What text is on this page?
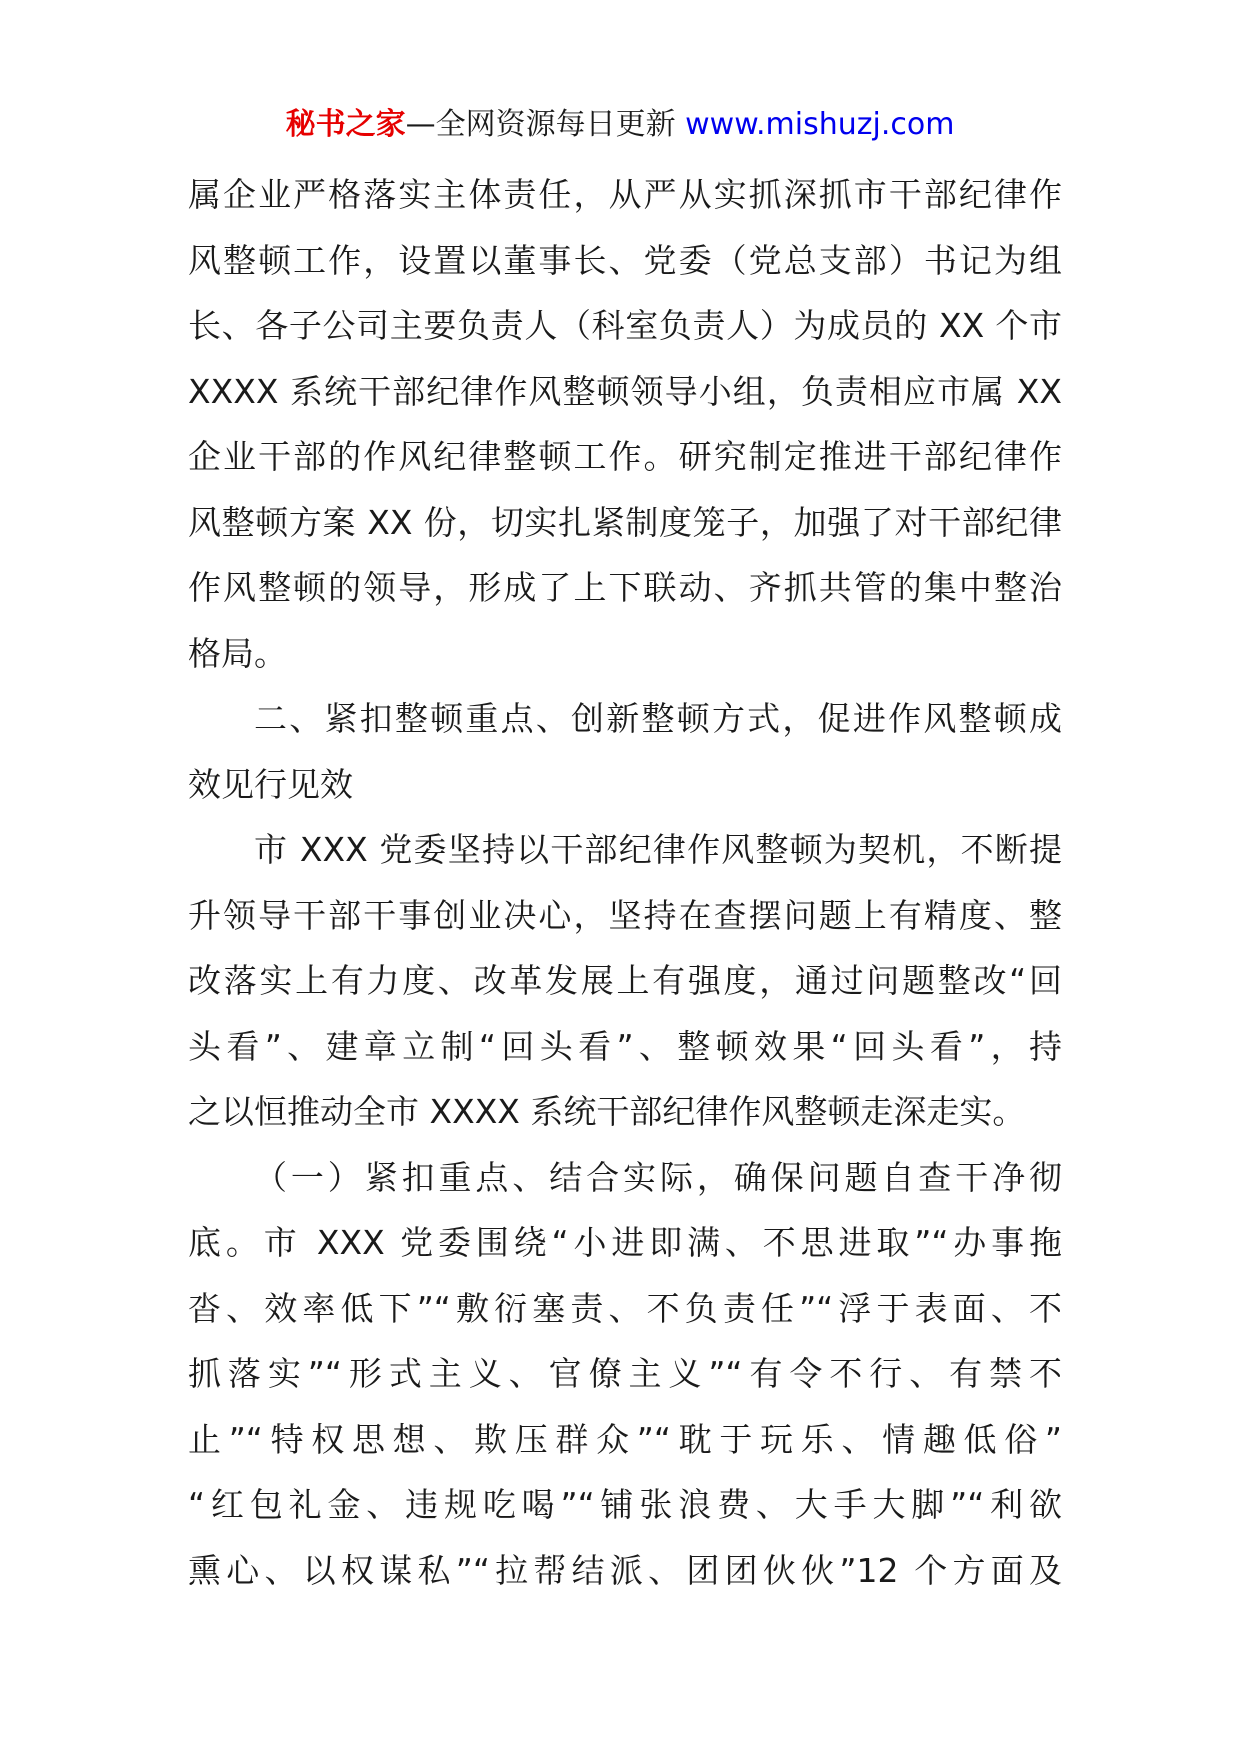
秘书之家—全网资源每日更新 www.mishuzj.com
属企业严格落实主体责任，从严从实抓深抓市干部纪律作
风整顿工作，设置以董事长、党委（党总支部）书记为组
长、各子公司主要负责人（科室负责人）为成员的 XX 个市
XXXX 系统干部纪律作风整顿领导小组，负责相应市属 XX
企业干部的作风纪律整顿工作。研究制定推进干部纪律作
风整顿方案 XX 份，切实扎紧制度笼子，加强了对干部纪律
作风整顿的领导，形成了上下联动、齐抓共管的集中整治
格局。
二、紧扣整顿重点、创新整顿方式，促进作风整顿成
效见行见效
市 XXX 党委坚持以干部纪律作风整顿为契机，不断提
升领导干部干事创业决心，坚持在查摆问题上有精度、整
改落实上有力度、改革发展上有强度，通过问题整改“回
头看”、建章立制“回头看”、整顿效果“回头看”，持
之以恒推动全市 XXXX 系统干部纪律作风整顿走深走实。
（一）紧扣重点、结合实际，确保问题自查干净彻
底。市 XXX 党委围绕“小进即满、不思进取”“办事拖
沓、效率低下”“敷衍塞责、不负责任”“浮于表面、不
抓落实”“形式主义、官僚主义”“有令不行、有禁不
止”“特权思想、欺压群众”“耽于玩乐、情趣低俗”
“红包礼金、违规吃喝”“铺张浪费、大手大脚”“利欲
熏心、以权谋私”“拉帮结派、团团伙伙”12 个方面及
